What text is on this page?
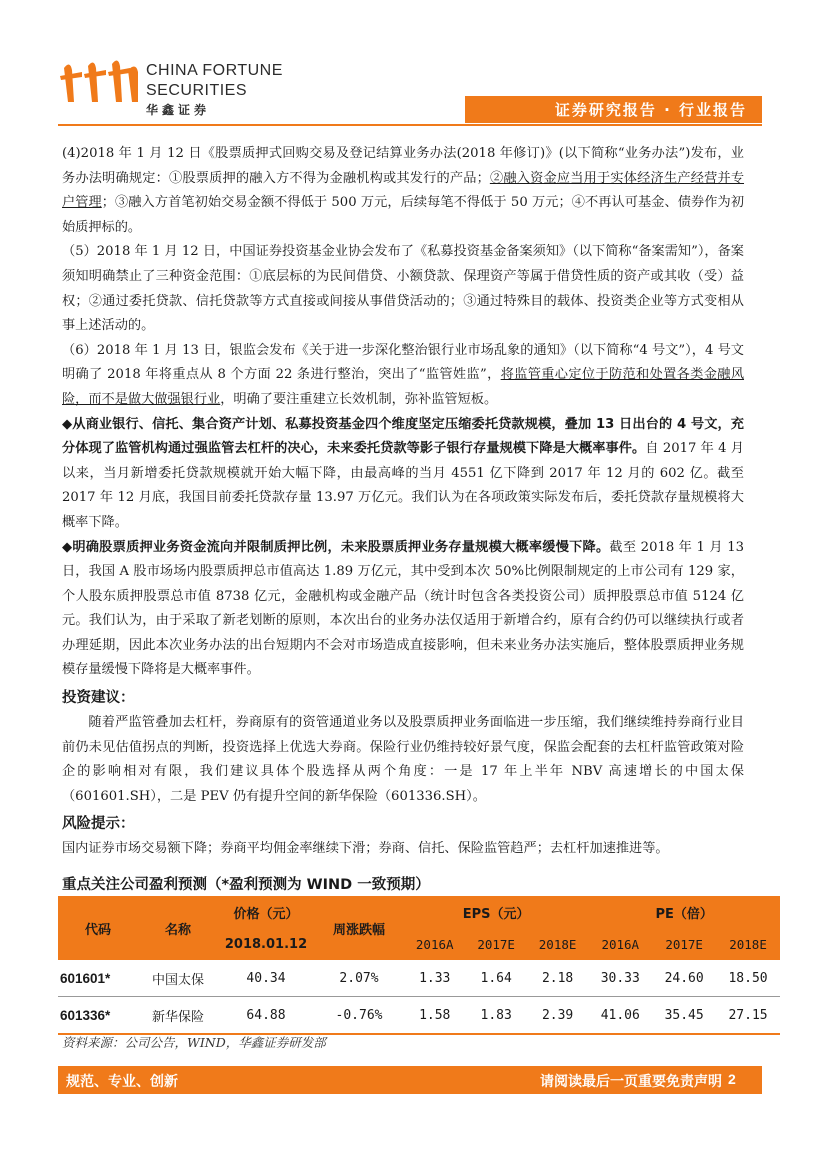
CHINA FORTUNE
SECURITIES
华鑫证券	证券研究报告 · 行业报告

(4)2018 年 1 月 12 日《股票质押式回购交易及登记结算业务办法(2018 年修订)》(以下简称“业务办法”)发布，业务办法明确规定：①股票质押的融入方不得为金融机构或其发行的产品；②融入资金应当用于实体经济生产经营并专户管理；③融入方首笔初始交易金额不得低于 500 万元，后续每笔不得低于 50 万元；④不再认可基金、债券作为初始质押标的。

（5）2018 年 1 月 12 日，中国证券投资基金业协会发布了《私募投资基金备案须知》（以下简称“备案需知”），备案须知明确禁止了三种资金范围：①底层标的为民间借贷、小额贷款、保理资产等属于借贷性质的资产或其收（受）益权；②通过委托贷款、信托贷款等方式直接或间接从事借贷活动的；③通过特殊目的载体、投资类企业等方式变相从事上述活动的。

（6）2018 年 1 月 13 日，银监会发布《关于进一步深化整治银行业市场乱象的通知》（以下简称“4 号文”），4 号文明确了 2018 年将重点从 8 个方面 22 条进行整治，突出了“监管姓监”，将监管重心定位于防范和处置各类金融风险，而不是做大做强银行业，明确了要注重建立长效机制，弥补监管短板。

◆从商业银行、信托、集合资产计划、私募投资基金四个维度坚定压缩委托贷款规模，叠加 13 日出台的 4 号文，充分体现了监管机构通过强监管去杠杆的决心，未来委托贷款等影子银行存量规模下降是大概率事件。自 2017 年 4 月以来，当月新增委托贷款规模就开始大幅下降，由最高峰的当月 4551 亿下降到 2017 年 12 月的 602 亿。截至 2017 年 12 月底，我国目前委托贷款存量 13.97 万亿元。我们认为在各项政策实际发布后，委托贷款存量规模将大概率下降。

◆明确股票质押业务资金流向并限制质押比例，未来股票质押业务存量规模大概率缓慢下降。截至 2018 年 1 月 13 日，我国 A 股市场场内股票质押总市值高达 1.89 万亿元，其中受到本次 50%比例限制规定的上市公司有 129 家，个人股东质押股票总市值 8738 亿元，金融机构或金融产品（统计时包含各类投资公司）质押股票总市值 5124 亿元。我们认为，由于采取了新老划断的原则，本次出台的业务办法仅适用于新增合约，原有合约仍可以继续执行或者办理延期，因此本次业务办法的出台短期内不会对市场造成直接影响，但未来业务办法实施后，整体股票质押业务规模存量缓慢下降将是大概率事件。

投资建议：

随着严监管叠加去杠杆，券商原有的资管通道业务以及股票质押业务面临进一步压缩，我们继续维持券商行业目前仍未见估值拐点的判断，投资选择上优选大券商。保险行业仍维持较好景气度，保监会配套的去杠杆监管政策对险企的影响相对有限，我们建议具体个股选择从两个角度：一是 17 年上半年 NBV 高速增长的中国太保（601601.SH），二是 PEV 仍有提升空间的新华保险（601336.SH）。

风险提示：

国内证券市场交易额下降；券商平均佣金率继续下滑；券商、信托、保险监管趋严；去杠杆加速推进等。

重点关注公司盈利预测（*盈利预测为 WIND 一致预期）
代码	名称	价格（元）	周涨跌幅	EPS（元）			PE（倍）		
		2018.01.12		2016A	2017E	2018E	2016A	2017E	2018E
601601*	中国太保	40.34	2.07%	1.33	1.64	2.18	30.33	24.60	18.50
601336*	新华保险	64.88	-0.76%	1.58	1.83	2.39	41.06	35.45	27.15
资料来源：公司公告，WIND，华鑫证券研发部
规范、专业、创新	请阅读最后一页重要免责声明 2
